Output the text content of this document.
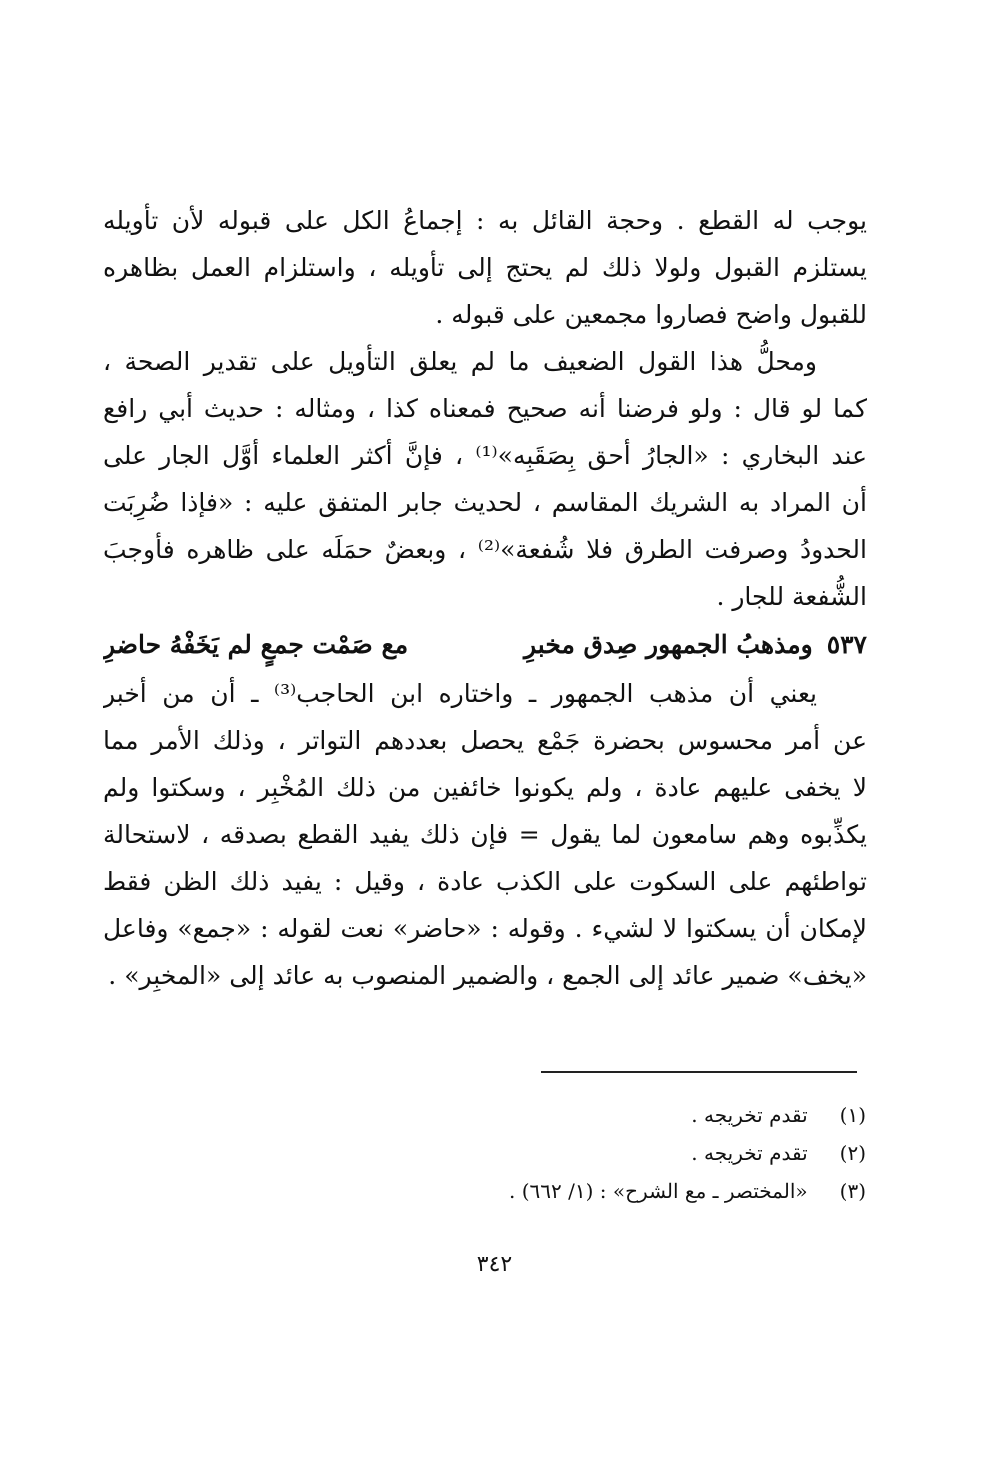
يوجب له القطع . وحجة القائل به : إجماعُ الكل على قبوله لأن تأويله
يستلزم القبول ولولا ذلك لم يحتج إلى تأويله ، واستلزام العمل بظاهره
للقبول واضح فصاروا مجمعين على قبوله .
ومحلُّ هذا القول الضعيف ما لم يعلق التأويل على تقدير الصحة ،
كما لو قال : ولو فرضنا أنه صحيح فمعناه كذا ، ومثاله : حديث أبي رافع
عند البخاري : «الجارُ أحق بِصَقَبِه»⁽¹⁾ ، فإنَّ أكثر العلماء أوَّل الجار على
أن المراد به الشريك المقاسم ، لحديث جابر المتفق عليه : «فإذا ضُرِبَت
الحدودُ وصرفت الطرق فلا شُفعة»⁽²⁾ ، وبعضٌ حمَلَه على ظاهره فأوجبَ
الشُّفعة للجار .
٥٣٧
ومذهبُ الجمهور صِدق مخبرِ
مع صَمْت جمعٍ لم يَخَفْهُ حاضرِ
يعني أن مذهب الجمهور ـ واختاره ابن الحاجب⁽³⁾ ـ أن من أخبر
عن أمر محسوس بحضرة جَمْع يحصل بعددهم التواتر ، وذلك الأمر مما
لا يخفى عليهم عادة ، ولم يكونوا خائفين من ذلك المُخْبِر ، وسكتوا ولم
يكذِّبوه وهم سامعون لما يقول = فإن ذلك يفيد القطع بصدقه ، لاستحالة
تواطئهم على السكوت على الكذب عادة ، وقيل : يفيد ذلك الظن فقط
لإمكان أن يسكتوا لا لشيء . وقوله : «حاضر» نعت لقوله : «جمع» وفاعل
«يخف» ضمير عائد إلى الجمع ، والضمير المنصوب به عائد إلى «المخبِر» .
(١) تقدم تخريجه .
(٢) تقدم تخريجه .
(٣) «المختصر ـ مع الشرح» : (١/ ٦٦٢) .
٣٤٢
